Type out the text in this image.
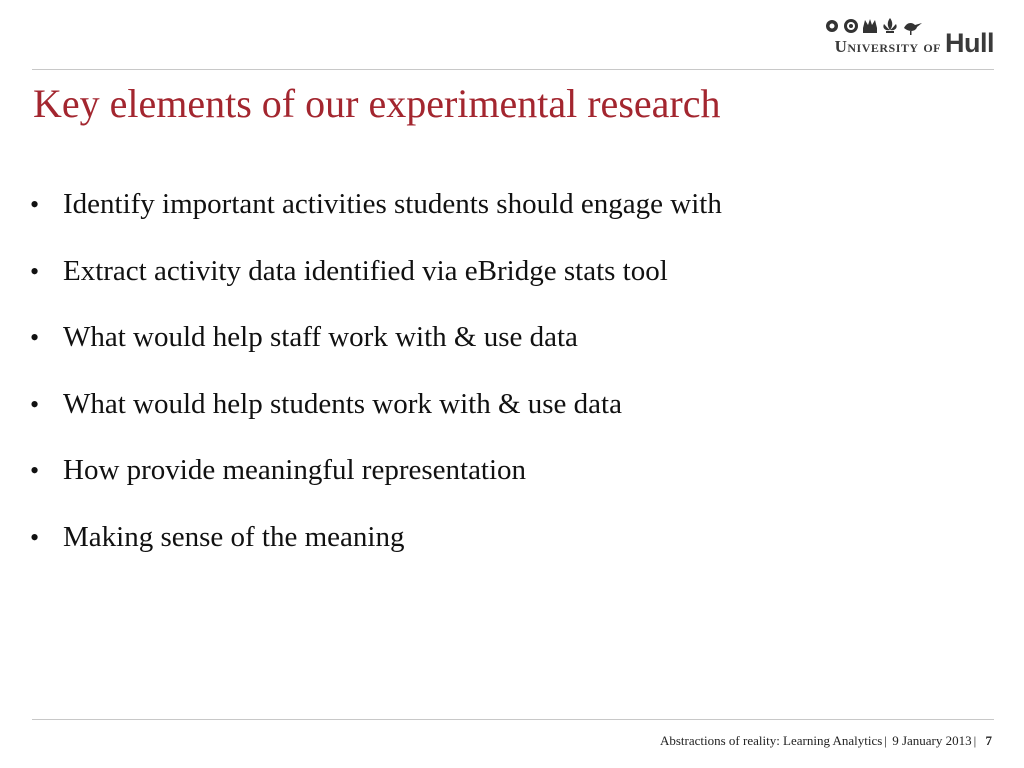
University of Hull
Key elements of our experimental research
• Identify important activities students should engage with
• Extract activity data identified via eBridge stats tool
• What would help staff work with & use data
• What would help students work with & use data
• How provide meaningful representation
• Making sense of the meaning
Abstractions of reality: Learning Analytics | 9 January 2013 | 7
